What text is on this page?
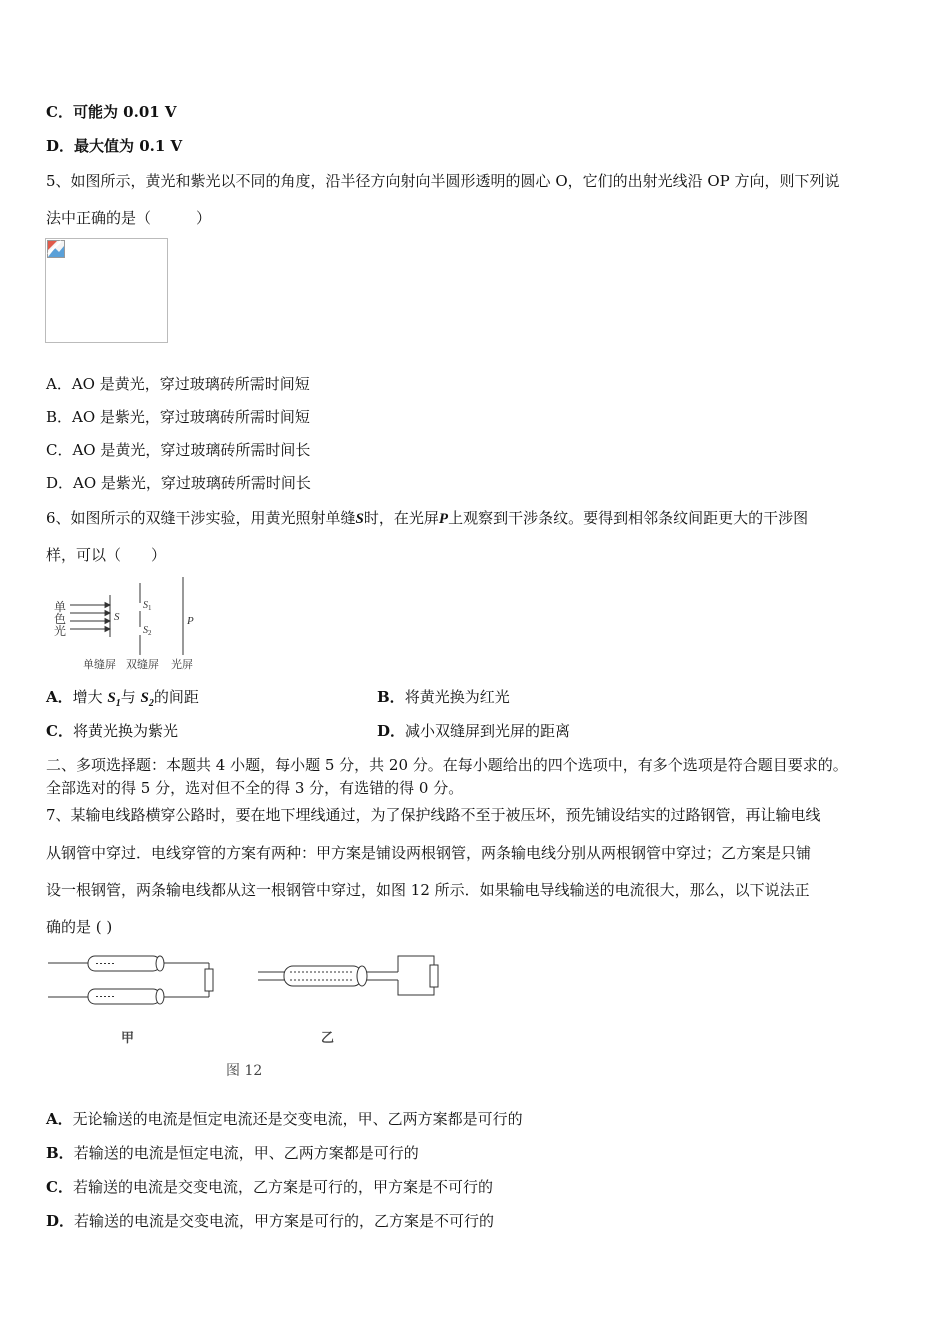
C．可能为 0.01 V
D．最大值为 0.1 V
5、如图所示，黄光和紫光以不同的角度，沿半径方向射向半圆形透明的圆心 O，它们的出射光线沿 OP 方向，则下列说
法中正确的是（　　　）
A．AO 是黄光，穿过玻璃砖所需时间短
B．AO 是紫光，穿过玻璃砖所需时间短
C．AO 是黄光，穿过玻璃砖所需时间长
D．AO 是紫光，穿过玻璃砖所需时间长
6、如图所示的双缝干涉实验，用黄光照射单缝S时，在光屏P上观察到干涉条纹。要得到相邻条纹间距更大的干涉图
样，可以（　　）
单
色
光
S
$S_1$
$S_2$
P
单缝屏 双缝屏 光屏
A．增大 $S_1$与 $S_2$的间距	B．将黄光换为红光
C．将黄光换为紫光	D．减小双缝屏到光屏的距离
二、多项选择题：本题共 4 小题，每小题 5 分，共 20 分。在每小题给出的四个选项中，有多个选项是符合题目要求的。
全部选对的得 5 分，选对但不全的得 3 分，有选错的得 0 分。
7、某输电线路横穿公路时，要在地下埋线通过，为了保护线路不至于被压坏，预先铺设结实的过路钢管，再让输电线
从钢管中穿过．电线穿管的方案有两种：甲方案是铺设两根钢管，两条输电线分别从两根钢管中穿过；乙方案是只铺
设一根钢管，两条输电线都从这一根钢管中穿过，如图 12 所示．如果输电导线输送的电流很大，那么，以下说法正
确的是 ( )
甲	乙
图 12
A．无论输送的电流是恒定电流还是交变电流，甲、乙两方案都是可行的
B．若输送的电流是恒定电流，甲、乙两方案都是可行的
C．若输送的电流是交变电流，乙方案是可行的，甲方案是不可行的
D．若输送的电流是交变电流，甲方案是可行的，乙方案是不可行的
